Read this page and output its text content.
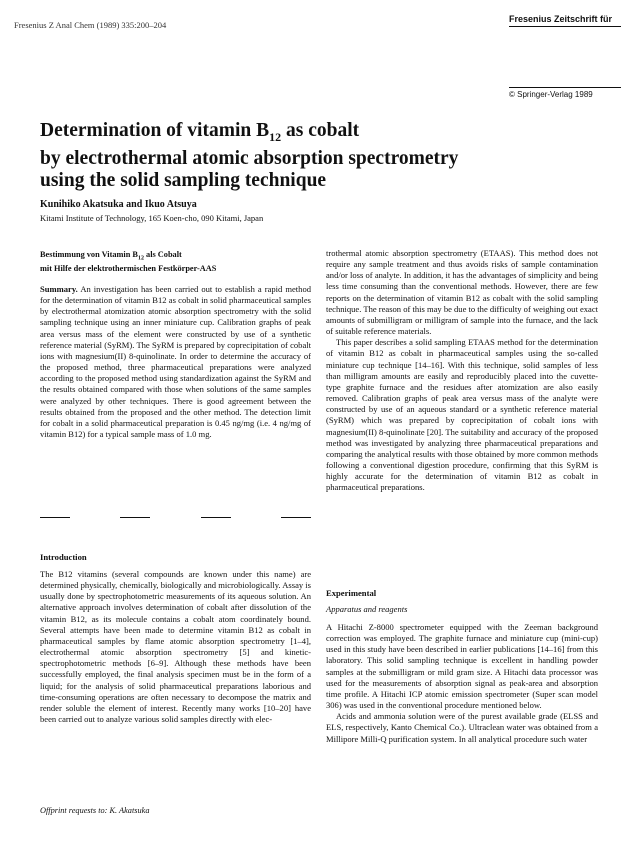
Fresenius Z Anal Chem (1989) 335:200–204
Fresenius Zeitschrift für
© Springer-Verlag 1989
Determination of vitamin $B_{12}$ as cobalt
by electrothermal atomic absorption spectrometry
using the solid sampling technique
Kunihiko Akatsuka and Ikuo Atsuya
Kitami Institute of Technology, 165 Koen-cho, 090 Kitami, Japan
Bestimmung von Vitamin $B_{12}$ als Cobalt
mit Hilfe der elektrothermischen Festkörper-AAS

Summary. An investigation has been carried out to establish a rapid method for the determination of vitamin B12 as cobalt in solid pharmaceutical samples by electrothermal atomization atomic absorption spectrometry with the solid sampling technique using an inner miniature cup. Calibration graphs of peak area versus mass of the element were constructed by use of a synthetic reference material (SyRM). The SyRM is prepared by coprecipitation of cobalt ions with magnesium(II) 8-quinolinate. In order to determine the accuracy of the proposed method, three pharmaceutical preparations were analyzed according to the proposed method using standardization against the SyRM and the results obtained compared with those when solutions of the same samples were analyzed by other techniques. There is good agreement between the results obtained from the proposed and the other method. The detection limit for cobalt in a solid pharmaceutical preparation is 0.45 ng/mg (i.e. 4 ng/mg of vitamin B12) for a typical sample mass of 1.0 mg.

Introduction

The B12 vitamins (several compounds are known under this name) are determined physically, chemically, biologically and microbiologically. Assay is usually done by spectrophotometric measurements of its aqueous solution. An alternative approach involves determination of cobalt after dissolution of the vitamin B12, as its molecule contains a cobalt atom coordinately bound. Several attempts have been made to determine vitamin B12 as cobalt in pharmaceutical samples by flame atomic absorption spectrometry [1–4], electrothermal atomic absorption spectrometry [5] and kinetic-spectrophotometric methods [6–9]. Although these methods have been successfully employed, the final analysis specimen must be in the form of a liquid; for the analysis of solid pharmaceutical preparations laborious and time-consuming operations are often necessary to decompose the matrix and render soluble the element of interest. Recently many works [10–20] have been carried out to analyze various solid samples directly with elec-

Offprint requests to: K. Akatsuka

trothermal atomic absorption spectrometry (ETAAS). This method does not require any sample treatment and thus avoids risks of sample contamination and/or loss of analyte. In addition, it has the advantages of simplicity and being less time consuming than the conventional methods. However, there are few reports on the determination of vitamin B12 as cobalt with the solid sampling technique. The reason of this may be due to the difficulty of weighing out exact amounts of submilligram or milligram of sample into the furnace, and the lack of suitable reference materials.

This paper describes a solid sampling ETAAS method for the determination of vitamin B12 as cobalt in pharmaceutical samples using the so-called miniature cup technique [14–16]. With this technique, solid samples of less than milligram amounts are easily and reproducibly placed into the cuvette-type graphite furnace and the residues after atomization are also easily removed. Calibration graphs of peak area versus mass of the analyte were constructed by use of an aqueous standard or a synthetic reference material (SyRM) which was prepared by coprecipitation of cobalt ions with magnesium(II) 8-quinolinate [20]. The suitability and accuracy of the proposed method was investigated by analyzing three pharmaceutical preparations and comparing the analytical results with those obtained by more common methods following a conventional digestion procedure, confirming that this SyRM is highly accurate for the determination of vitamin B12 as cobalt in pharmaceutical preparations.

Experimental
Apparatus and reagents

A Hitachi Z-8000 spectrometer equipped with the Zeeman background correction was employed. The graphite furnace and miniature cup (mini-cup) used in this study have been described in earlier publications [14–16] from this laboratory. This solid sampling technique is excellent in handling powder samples at the submilligram or mild gram size. A Hitachi data processor was used for the measurements of absorption signal as peak-area and absorption time profile. A Hitachi ICP atomic emission spectrometer (Super scan model 306) was used in the conventional procedure mentioned below.

Acids and ammonia solution were of the purest available grade (ELSS and ELS, respectively, Kanto Chemical Co.). Ultraclean water was obtained from a Millipore Milli-Q purification system. In all analytical procedure such water
